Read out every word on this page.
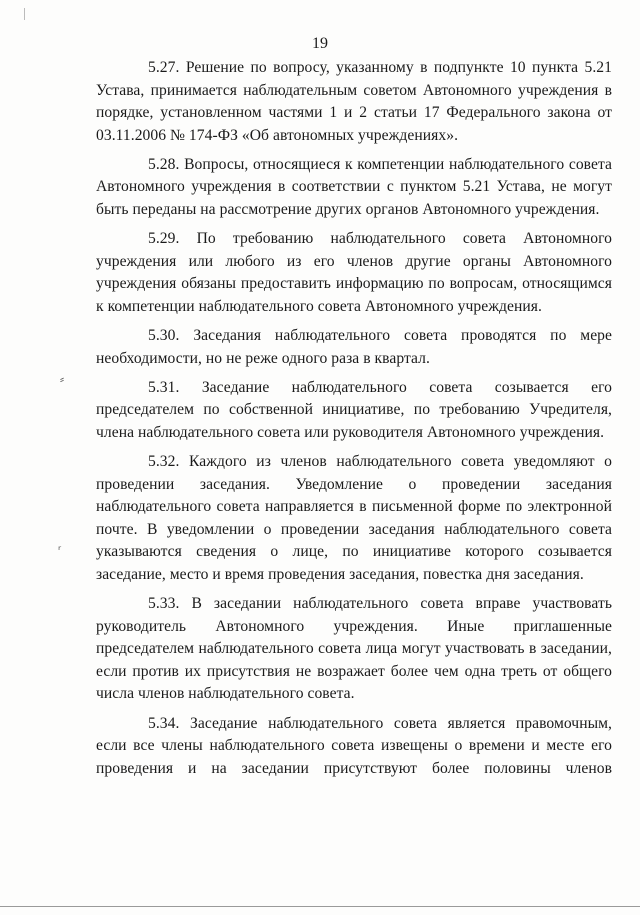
19
⸗
ʳ

5.27. Решение по вопросу, указанному в подпункте 10 пункта 5.21 Устава, принимается наблюдательным советом Автономного учреждения в порядке, установленном частями 1 и 2 статьи 17 Федерального закона от 03.11.2006 № 174-ФЗ «Об автономных учреждениях».

5.28. Вопросы, относящиеся к компетенции наблюдательного совета Автономного учреждения в соответствии с пунктом 5.21 Устава, не могут быть переданы на рассмотрение других органов Автономного учреждения.

5.29. По требованию наблюдательного совета Автономного учреждения или любого из его членов другие органы Автономного учреждения обязаны предоставить информацию по вопросам, относящимся к компетенции наблюдательного совета Автономного учреждения.

5.30. Заседания наблюдательного совета проводятся по мере необходимости, но не реже одного раза в квартал.

5.31. Заседание наблюдательного совета созывается его председателем по собственной инициативе, по требованию Учредителя, члена наблюдательного совета или руководителя Автономного учреждения.

5.32. Каждого из членов наблюдательного совета уведомляют о проведении заседания. Уведомление о проведении заседания наблюдательного совета направляется в письменной форме по электронной почте. В уведомлении о проведении заседания наблюдательного совета указываются сведения о лице, по инициативе которого созывается заседание, место и время проведения заседания, повестка дня заседания.

5.33. В заседании наблюдательного совета вправе участвовать руководитель Автономного учреждения. Иные приглашенные председателем наблюдательного совета лица могут участвовать в заседании, если против их присутствия не возражает более чем одна треть от общего числа членов наблюдательного совета.

5.34. Заседание наблюдательного совета является правомочным, если все члены наблюдательного совета извещены о времени и месте его проведения и на заседании присутствуют более половины членов
